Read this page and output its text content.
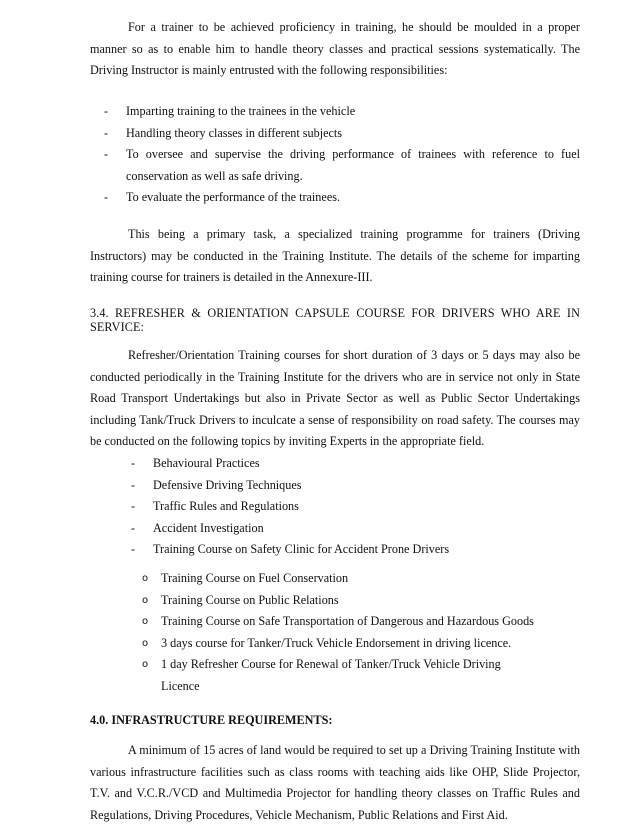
For a trainer to be achieved proficiency in training, he should be moulded in a proper manner so as to enable him to handle theory classes and practical sessions systematically. The Driving Instructor is mainly entrusted with the following responsibilities:

- Imparting training to the trainees in the vehicle
- Handling theory classes in different subjects
- To oversee and supervise the driving performance of trainees with reference to fuel conservation as well as safe driving.
- To evaluate the performance of the trainees.

This being a primary task, a specialized training programme for trainers (Driving Instructors) may be conducted in the Training Institute. The details of the scheme for imparting training course for trainers is detailed in the Annexure-III.

3.4. REFRESHER & ORIENTATION CAPSULE COURSE FOR DRIVERS WHO ARE IN SERVICE:

Refresher/Orientation Training courses for short duration of 3 days or 5 days may also be conducted periodically in the Training Institute for the drivers who are in service not only in State Road Transport Undertakings but also in Private Sector as well as Public Sector Undertakings including Tank/Truck Drivers to inculcate a sense of responsibility on road safety. The courses may be conducted on the following topics by inviting Experts in the appropriate field.

- Behavioural Practices
- Defensive Driving Techniques
- Traffic Rules and Regulations
- Accident Investigation
- Training Course on Safety Clinic for Accident Prone Drivers
o Training Course on Fuel Conservation
o Training Course on Public Relations
o Training Course on Safe Transportation of Dangerous and Hazardous Goods
o 3 days course for Tanker/Truck Vehicle Endorsement in driving licence.
o 1 day Refresher Course for Renewal of Tanker/Truck Vehicle Driving Licence
4.0. INFRASTRUCTURE REQUIREMENTS:

A minimum of 15 acres of land would be required to set up a Driving Training Institute with various infrastructure facilities such as class rooms with teaching aids like OHP, Slide Projector, T.V. and V.C.R./VCD and Multimedia Projector for handling theory classes on Traffic Rules and Regulations, Driving Procedures, Vehicle Mechanism, Public Relations and First Aid.
